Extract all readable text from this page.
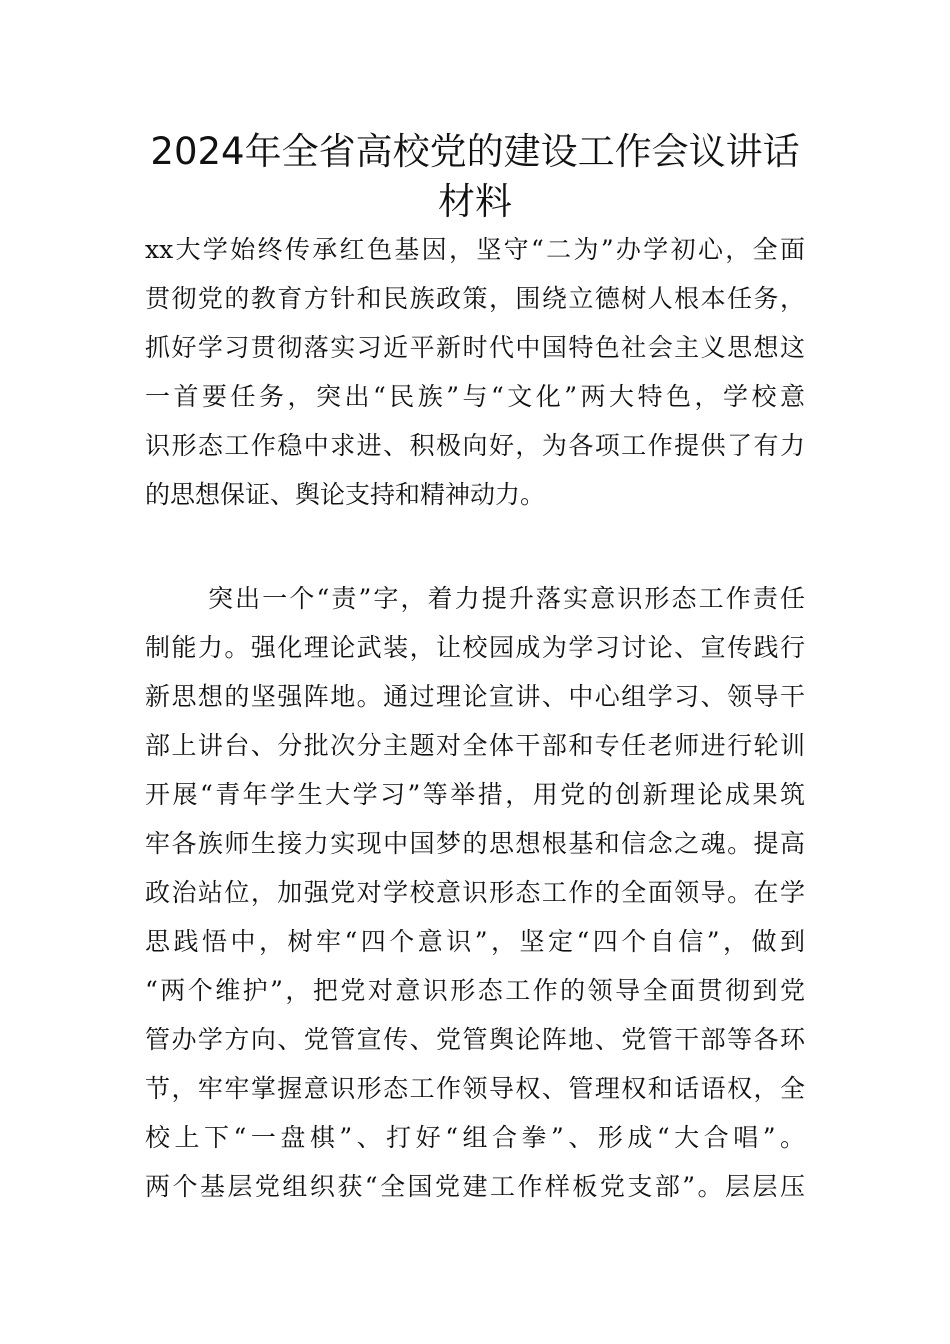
2024年全省高校党的建设工作会议讲话
材料
xx大学始终传承红色基因，坚守“二为”办学初心，全面
贯彻党的教育方针和民族政策，围绕立德树人根本任务，
抓好学习贯彻落实习近平新时代中国特色社会主义思想这
一首要任务，突出“民族”与“文化”两大特色，学校意
识形态工作稳中求进、积极向好，为各项工作提供了有力
的思想保证、舆论支持和精神动力。
突出一个“责”字，着力提升落实意识形态工作责任
制能力。强化理论武装，让校园成为学习讨论、宣传践行
新思想的坚强阵地。通过理论宣讲、中心组学习、领导干
部上讲台、分批次分主题对全体干部和专任老师进行轮训
开展“青年学生大学习”等举措，用党的创新理论成果筑
牢各族师生接力实现中国梦的思想根基和信念之魂。提高
政治站位，加强党对学校意识形态工作的全面领导。在学
思践悟中，树牢“四个意识”，坚定“四个自信”，做到
“两个维护”，把党对意识形态工作的领导全面贯彻到党
管办学方向、党管宣传、党管舆论阵地、党管干部等各环
节，牢牢掌握意识形态工作领导权、管理权和话语权，全
校上下“一盘棋”、打好“组合拳”、形成“大合唱”。
两个基层党组织获“全国党建工作样板党支部”。层层压
